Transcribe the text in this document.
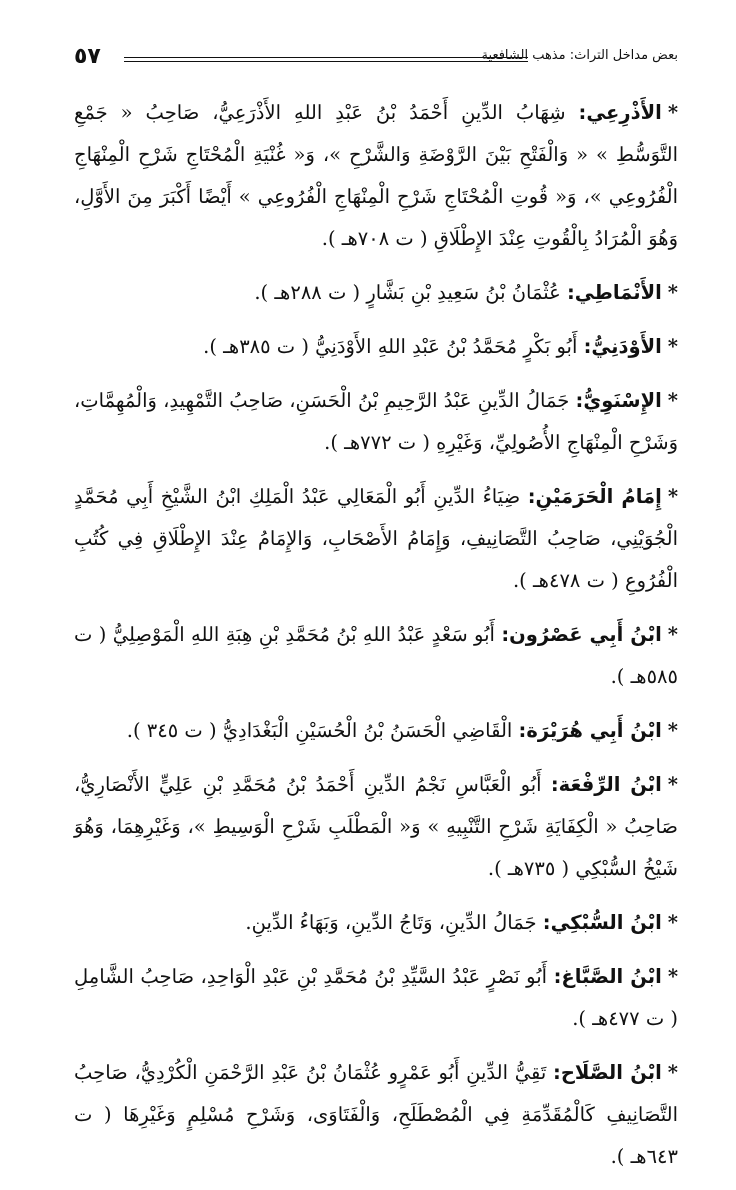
٥٧	بعض مداخل التراث: مذهب الشافعية

*الأَذْرِعِي: شِهَابُ الدِّينِ أَحْمَدُ بْنُ عَبْدِ اللهِ الأَذْرَعِيُّ، صَاحِبُ « جَمْعِ التَّوَسُّطِ » « وَالْفَتْحِ بَيْنَ الرَّوْضَةِ وَالشَّرْحِ »، وَ« غُنْيَةِ الْمُحْتَاجِ شَرْحِ الْمِنْهَاجِ الْفُرُوعِي »، وَ« قُوتِ الْمُحْتَاجِ شَرْحِ الْمِنْهَاجِ الْفُرُوعِي » أَيْضًا أَكْبَرَ مِنَ الأَوَّلِ، وَهُوَ الْمُرَادُ بِالْقُوتِ عِنْدَ الإِطْلَاقِ ( ت ٧٠٨هـ ).

*الأَنْمَاطِي: عُثْمَانُ بْنُ سَعِيدِ بْنِ بَشَّارٍ ( ت ٢٨٨هـ ).

*الأَوْدَنِيُّ: أَبُو بَكْرٍ مُحَمَّدُ بْنُ عَبْدِ اللهِ الأَوْدَنِيُّ ( ت ٣٨٥هـ ).

*الإِسْنَوِيُّ: جَمَالُ الدِّينِ عَبْدُ الرَّحِيمِ بْنُ الْحَسَنِ، صَاحِبُ التَّمْهِيدِ، وَالْمُهِمَّاتِ، وَشَرْحِ الْمِنْهَاجِ الأُصُولِيِّ، وَغَيْرِهِ ( ت ٧٧٢هـ ).

*إِمَامُ الْحَرَمَيْنِ: ضِيَاءُ الدِّينِ أَبُو الْمَعَالِي عَبْدُ الْمَلِكِ ابْنُ الشَّيْخِ أَبِي مُحَمَّدٍ الْجُوَيْنِي، صَاحِبُ التَّصَانِيفِ، وَإِمَامُ الأَصْحَابِ، وَالإِمَامُ عِنْدَ الإِطْلَاقِ فِي كُتُبِ الْفُرُوعِ ( ت ٤٧٨هـ ).

*ابْنُ أَبِي عَصْرُون: أَبُو سَعْدٍ عَبْدُ اللهِ بْنُ مُحَمَّدِ بْنِ هِبَةِ اللهِ الْمَوْصِلِيُّ ( ت ٥٨٥هـ ).

*ابْنُ أَبِي هُرَيْرَة: الْقَاضِي الْحَسَنُ بْنُ الْحُسَيْنِ الْبَغْدَادِيُّ ( ت ٣٤٥ ).

*ابْنُ الرِّفْعَة: أَبُو الْعَبَّاسِ نَجْمُ الدِّينِ أَحْمَدُ بْنُ مُحَمَّدِ بْنِ عَلِيٍّ الأَنْصَارِيُّ، صَاحِبُ « الْكِفَايَةِ شَرْحِ التَّنْبِيهِ » وَ« الْمَطْلَبِ شَرْحِ الْوَسِيطِ »، وَغَيْرِهِمَا، وَهُوَ شَيْخُ السُّبْكِي ( ٧٣٥هـ ).

*ابْنُ السُّبْكِي: جَمَالُ الدِّينِ، وَتَاجُ الدِّينِ، وَبَهَاءُ الدِّينِ.

*ابْنُ الصَّبَّاغ: أَبُو نَصْرٍ عَبْدُ السَّيِّدِ بْنُ مُحَمَّدِ بْنِ عَبْدِ الْوَاحِدِ، صَاحِبُ الشَّامِلِ ( ت ٤٧٧هـ ).

*ابْنُ الصَّلَاح: تَقِيُّ الدِّينِ أَبُو عَمْرٍو عُثْمَانُ بْنُ عَبْدِ الرَّحْمَنِ الْكُرْدِيُّ، صَاحِبُ التَّصَانِيفِ كَالْمُقَدِّمَةِ فِي الْمُصْطَلَحِ، وَالْفَتَاوَى، وَشَرْحِ مُسْلِمٍ وَغَيْرِهَا ( ت ٦٤٣هـ ).
